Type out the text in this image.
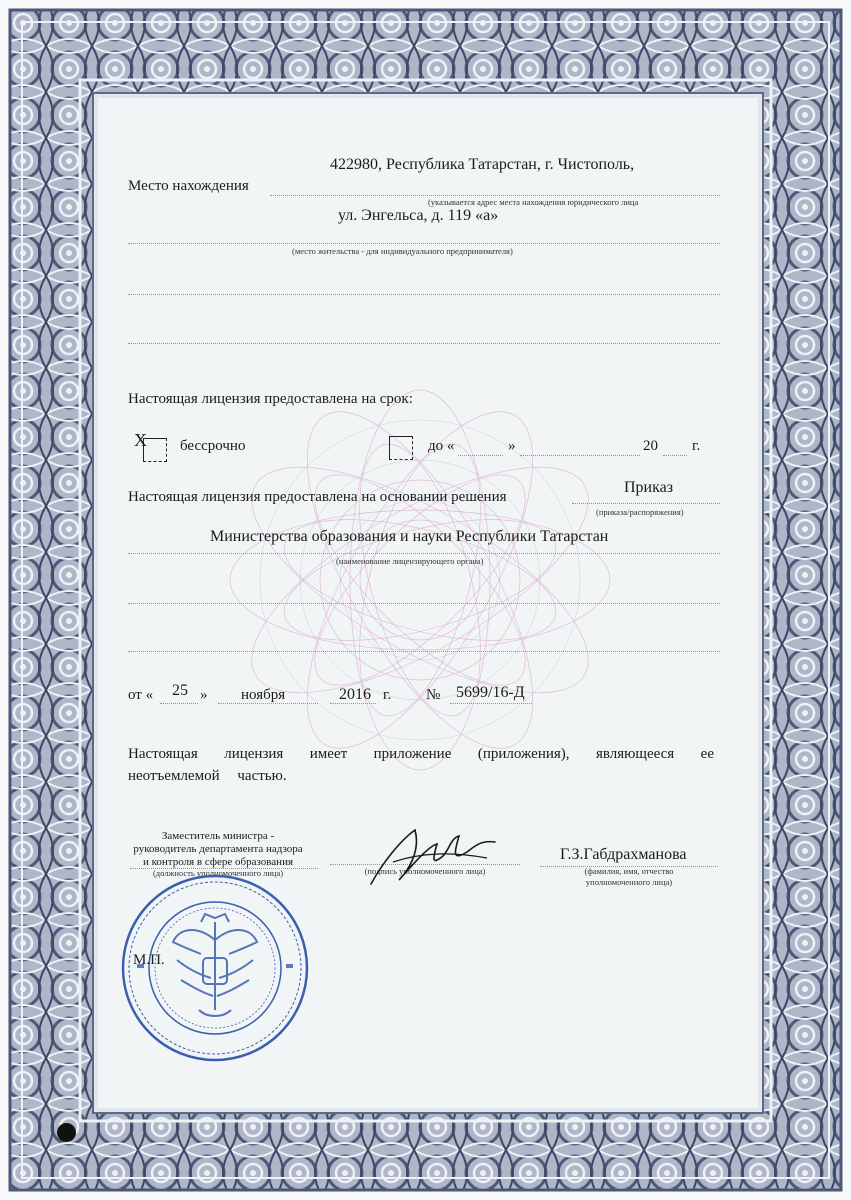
Место нахождения
422980, Республика Татарстан, г. Чистополь,
(указывается адрес места нахождения юридического лица
ул. Энгельса, д. 119 «а»
(место жительства - для индивидуального предпринимателя)
Настоящая лицензия предоставлена на срок:
X бессрочно	до «	»	20 г.
Настоящая лицензия предоставлена на основании решения
Приказ
(приказа/распоряжения)
Министерства образования и науки Республики Татарстан
(наименование лицензирующего органа)
от « 25 » ноября	2016 г. № 5699/16-Д
Настоящая лицензия имеет приложение (приложения), являющееся ее
неотъемлемой частью.
Заместитель министра -
руководитель департамента надзора
и контроля в сфере образования
(должность уполномоченного лица)	(подпись уполномоченного лица)
Г.З.Габдрахманова
(фамилия, имя, отчество
уполномоченного лица)
М.П.
